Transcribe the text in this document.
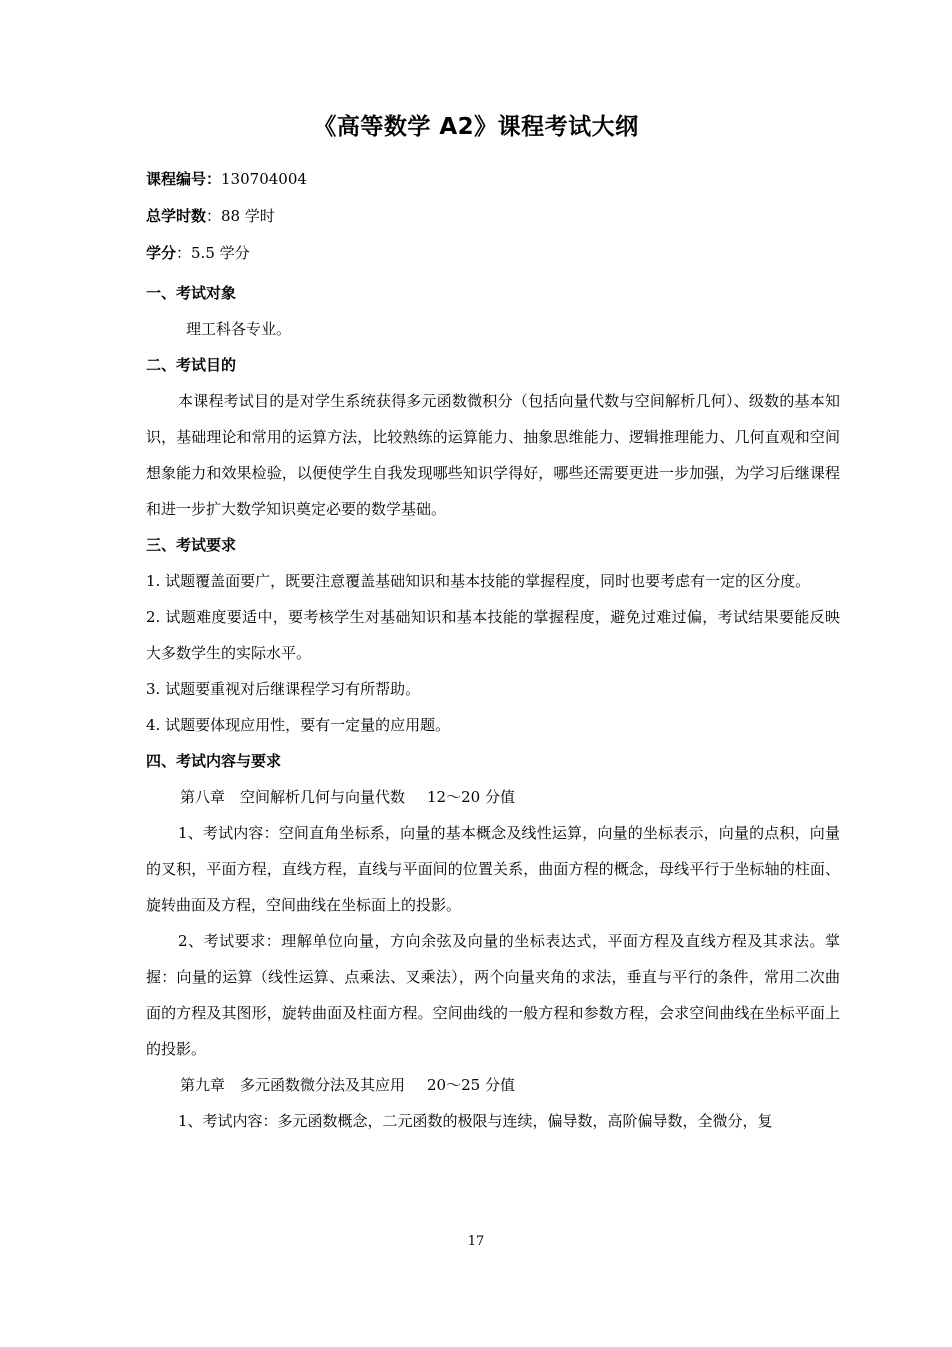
《高等数学 A2》课程考试大纲
课程编号：130704004
总学时数：88 学时
学分：5.5 学分
一、考试对象

理工科各专业。

二、考试目的

本课程考试目的是对学生系统获得多元函数微积分（包括向量代数与空间解析几何）、级数的基本知识，基础理论和常用的运算方法，比较熟练的运算能力、抽象思维能力、逻辑推理能力、几何直观和空间想象能力和效果检验，以便使学生自我发现哪些知识学得好，哪些还需要更进一步加强，为学习后继课程和进一步扩大数学知识奠定必要的数学基础。

三、考试要求

1. 试题覆盖面要广，既要注意覆盖基础知识和基本技能的掌握程度，同时也要考虑有一定的区分度。

2. 试题难度要适中，要考核学生对基础知识和基本技能的掌握程度，避免过难过偏，考试结果要能反映大多数学生的实际水平。

3. 试题要重视对后继课程学习有所帮助。

4. 试题要体现应用性，要有一定量的应用题。

四、考试内容与要求
第八章　空间解析几何与向量代数 12～20 分值

1、考试内容：空间直角坐标系，向量的基本概念及线性运算，向量的坐标表示，向量的点积，向量的叉积，平面方程，直线方程，直线与平面间的位置关系，曲面方程的概念，母线平行于坐标轴的柱面、旋转曲面及方程，空间曲线在坐标面上的投影。

2、考试要求：理解单位向量，方向余弦及向量的坐标表达式，平面方程及直线方程及其求法。掌握：向量的运算（线性运算、点乘法、叉乘法），两个向量夹角的求法，垂直与平行的条件，常用二次曲面的方程及其图形，旋转曲面及柱面方程。空间曲线的一般方程和参数方程，会求空间曲线在坐标平面上的投影。

第九章　多元函数微分法及其应用 20～25 分值

1、考试内容：多元函数概念，二元函数的极限与连续，偏导数，高阶偏导数，全微分，复

17
